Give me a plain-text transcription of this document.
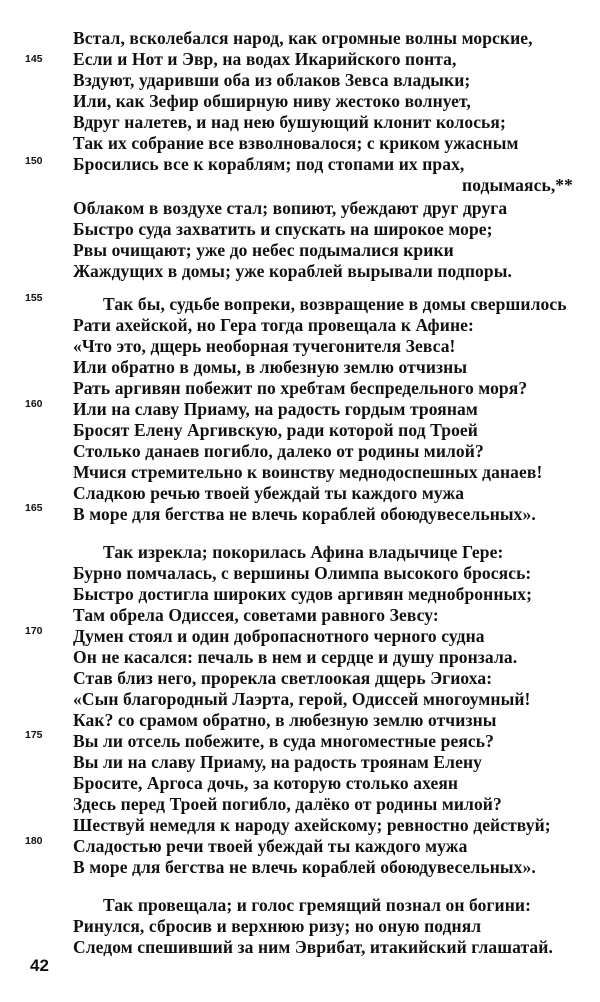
Встал, всколебался народ, как огромные волны морские,
145 Если и Нот и Эвр, на водах Икарийского понта,
Вздуют, ударивши оба из облаков Зевса владыки;
Или, как Зефир обширную ниву жестоко волнует,
Вдруг налетев, и над нею бушующий клонит колосья;
Так их собрание все взволновалося; с криком ужасным
150 Бросились все к кораблям; под стопами их прах,
подымаясь,**
Облаком в воздухе стал; вопиют, убеждают друг друга
Быстро суда захватить и спускать на широкое море;
Рвы очищают; уже до небес подымалися крики
Жаждущих в домы; уже кораблей вырывали подпоры.
155	Так бы, судьбе вопреки, возвращение в домы свершилось
Рати ахейской, но Гера тогда провещала к Афине:
«Что это, дщерь необорная тучегонителя Зевса!
Или обратно в домы, в любезную землю отчизны
Рать аргивян побежит по хребтам беспредельного моря?
160 Или на славу Приаму, на радость гордым троянам
Бросят Елену Аргивскую, ради которой под Троей
Столько данаев погибло, далеко от родины милой?
Мчися стремительно к воинству меднодоспешных данаев!
Сладкою речью твоей убеждай ты каждого мужа
165 В море для бегства не влечь кораблей обоюдувесельных».
Так изрекла; покорилась Афина владычице Гере:
Бурно помчалась, с вершины Олимпа высокого бросясь:
Быстро достигла широких судов аргивян меднобронных;
Там обрела Одиссея, советами равного Зевсу:
170 Думен стоял и один добропаснотного черного судна
Он не касался: печаль в нем и сердце и душу пронзала.
Став близ него, прорекла светлоокая дщерь Эгиоха:
«Сын благородный Лаэрта, герой, Одиссей многоумный!
Как? со срамом обратно, в любезную землю отчизны
175 Вы ли отсель побежите, в суда многоместные реясь?
Вы ли на славу Приаму, на радость троянам Елену
Бросите, Аргоса дочь, за которую столько ахеян
Здесь перед Троей погибло, далёко от родины милой?
Шествуй немедля к народу ахейскому; ревностно действуй;
180 Сладостью речи твоей убеждай ты каждого мужа
В море для бегства не влечь кораблей обоюдувесельных».
Так провещала; и голос гремящий познал он богини:
Ринулся, сбросив и верхнюю ризу; но оную поднял
Следом спешивший за ним Эврибат, итакийский глашатай.
42
